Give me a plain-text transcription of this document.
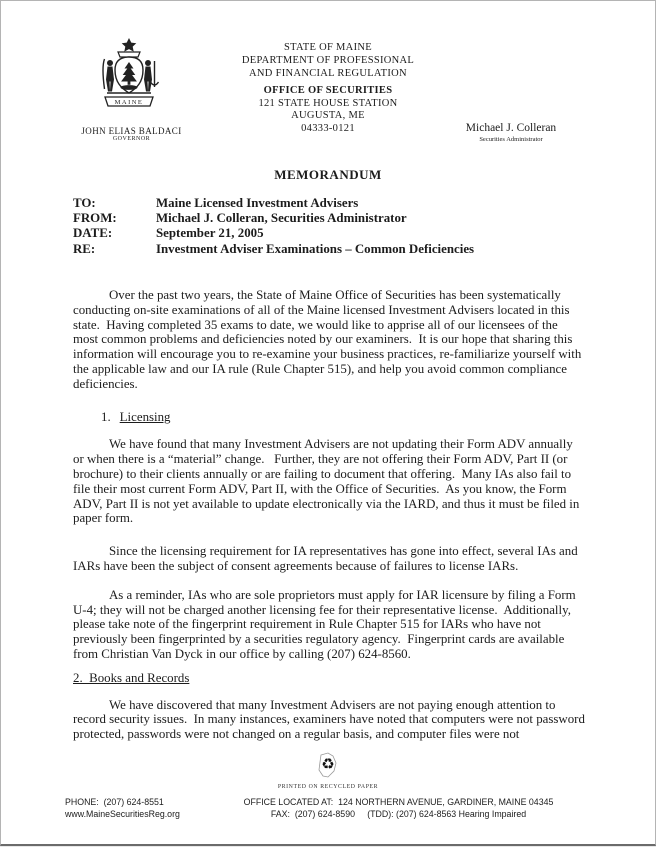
MAINE
JOHN ELIAS BALDACI
GOVERNOR
STATE OF MAINE
DEPARTMENT OF PROFESSIONAL
AND FINANCIAL REGULATION
OFFICE OF SECURITIES
121 STATE HOUSE STATION
AUGUSTA, ME
04333-0121	Michael J. Colleran
Securities Administrator
MEMORANDUM
TO:	Maine Licensed Investment Advisers
FROM:	Michael J. Colleran, Securities Administrator
DATE:	September 21, 2005
RE:	Investment Adviser Examinations – Common Deficiencies

Over the past two years, the State of Maine Office of Securities has been systematically conducting on-site examinations of all of the Maine licensed Investment Advisers located in this state.  Having completed 35 exams to date, we would like to apprise all of our licensees of the most common problems and deficiencies noted by our examiners.  It is our hope that sharing this information will encourage you to re-examine your business practices, re-familiarize yourself with the applicable law and our IA rule (Rule Chapter 515), and help you avoid common compliance deficiencies.

1. Licensing

We have found that many Investment Advisers are not updating their Form ADV annually or when there is a “material” change.   Further, they are not offering their Form ADV, Part II (or brochure) to their clients annually or are failing to document that offering.  Many IAs also fail to file their most current Form ADV, Part II, with the Office of Securities.  As you know, the Form ADV, Part II is not yet available to update electronically via the IARD, and thus it must be filed in paper form.

Since the licensing requirement for IA representatives has gone into effect, several IAs and IARs have been the subject of consent agreements because of failures to license IARs.

As a reminder, IAs who are sole proprietors must apply for IAR licensure by filing a Form U-4; they will not be charged another licensing fee for their representative license.  Additionally, please take note of the fingerprint requirement in Rule Chapter 515 for IARs who have not previously been fingerprinted by a securities regulatory agency.  Fingerprint cards are available from Christian Van Dyck in our office by calling (207) 624-8560.

2.  Books and Records

We have discovered that many Investment Advisers are not paying enough attention to record security issues.  In many instances, examiners have noted that computers were not password protected, passwords were not changed on a regular basis, and computer files were not

♻
PRINTED ON RECYCLED PAPER
PHONE:  (207) 624-8551
www.MaineSecuritiesReg.org
OFFICE LOCATED AT:  124 NORTHERN AVENUE, GARDINER, MAINE 04345
FAX:  (207) 624-8590     (TDD): (207) 624-8563 Hearing Impaired
